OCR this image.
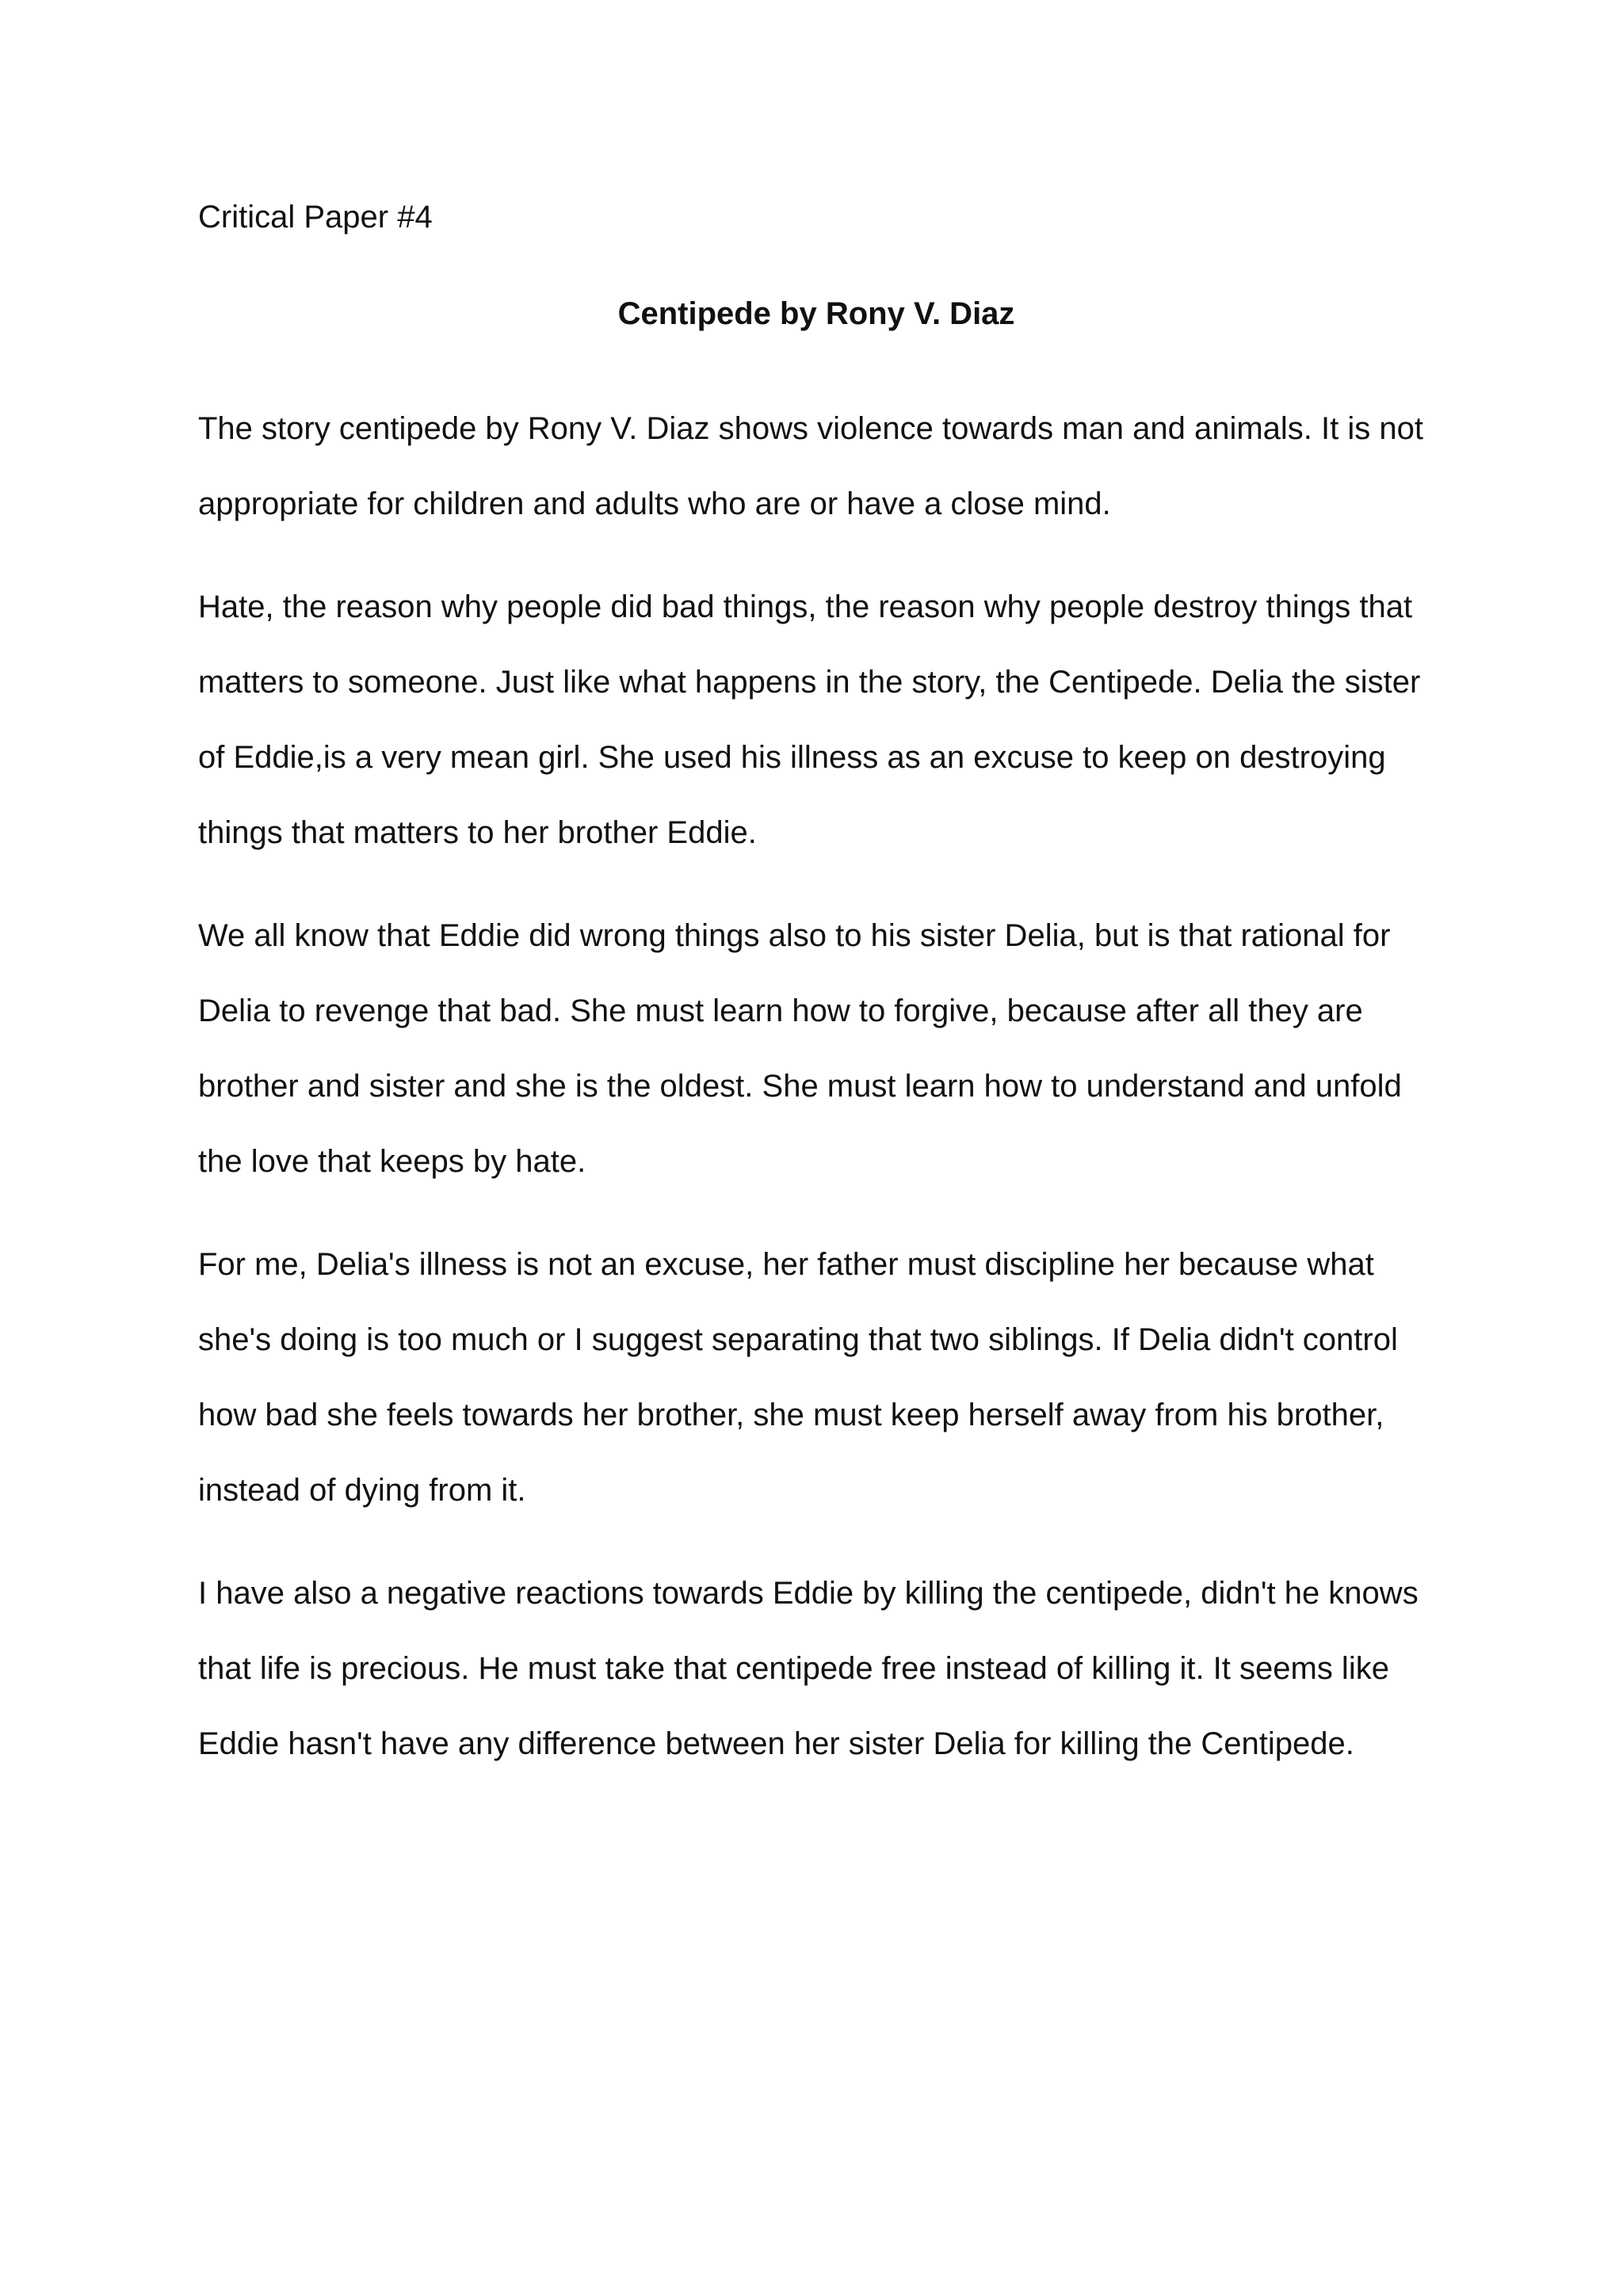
Critical Paper #4
Centipede by Rony V. Diaz

The story centipede by Rony V. Diaz shows violence towards man and animals. It is not appropriate for children and adults who are or have a close mind.

Hate, the reason why people did bad things, the reason why people destroy things that matters to someone. Just like what happens in the story, the Centipede. Delia the sister of Eddie,is a very mean girl. She used his illness as an excuse to keep on destroying things that matters to her brother Eddie.

We all know that Eddie did wrong things also to his sister Delia, but is that rational for Delia to revenge that bad. She must learn how to forgive, because after all they are brother and sister and she is the oldest. She must learn how to understand and unfold the love that keeps by hate.

For me, Delia's illness is not an excuse, her father must discipline her because what she's doing is too much or I suggest separating that two siblings. If Delia didn't control how bad she feels towards her brother, she must keep herself away from his brother, instead of dying from it.

I have also a negative reactions towards Eddie by killing the centipede, didn't he knows that life is precious. He must take that centipede free instead of killing it. It seems like Eddie hasn't have any difference between her sister Delia for killing the Centipede.
